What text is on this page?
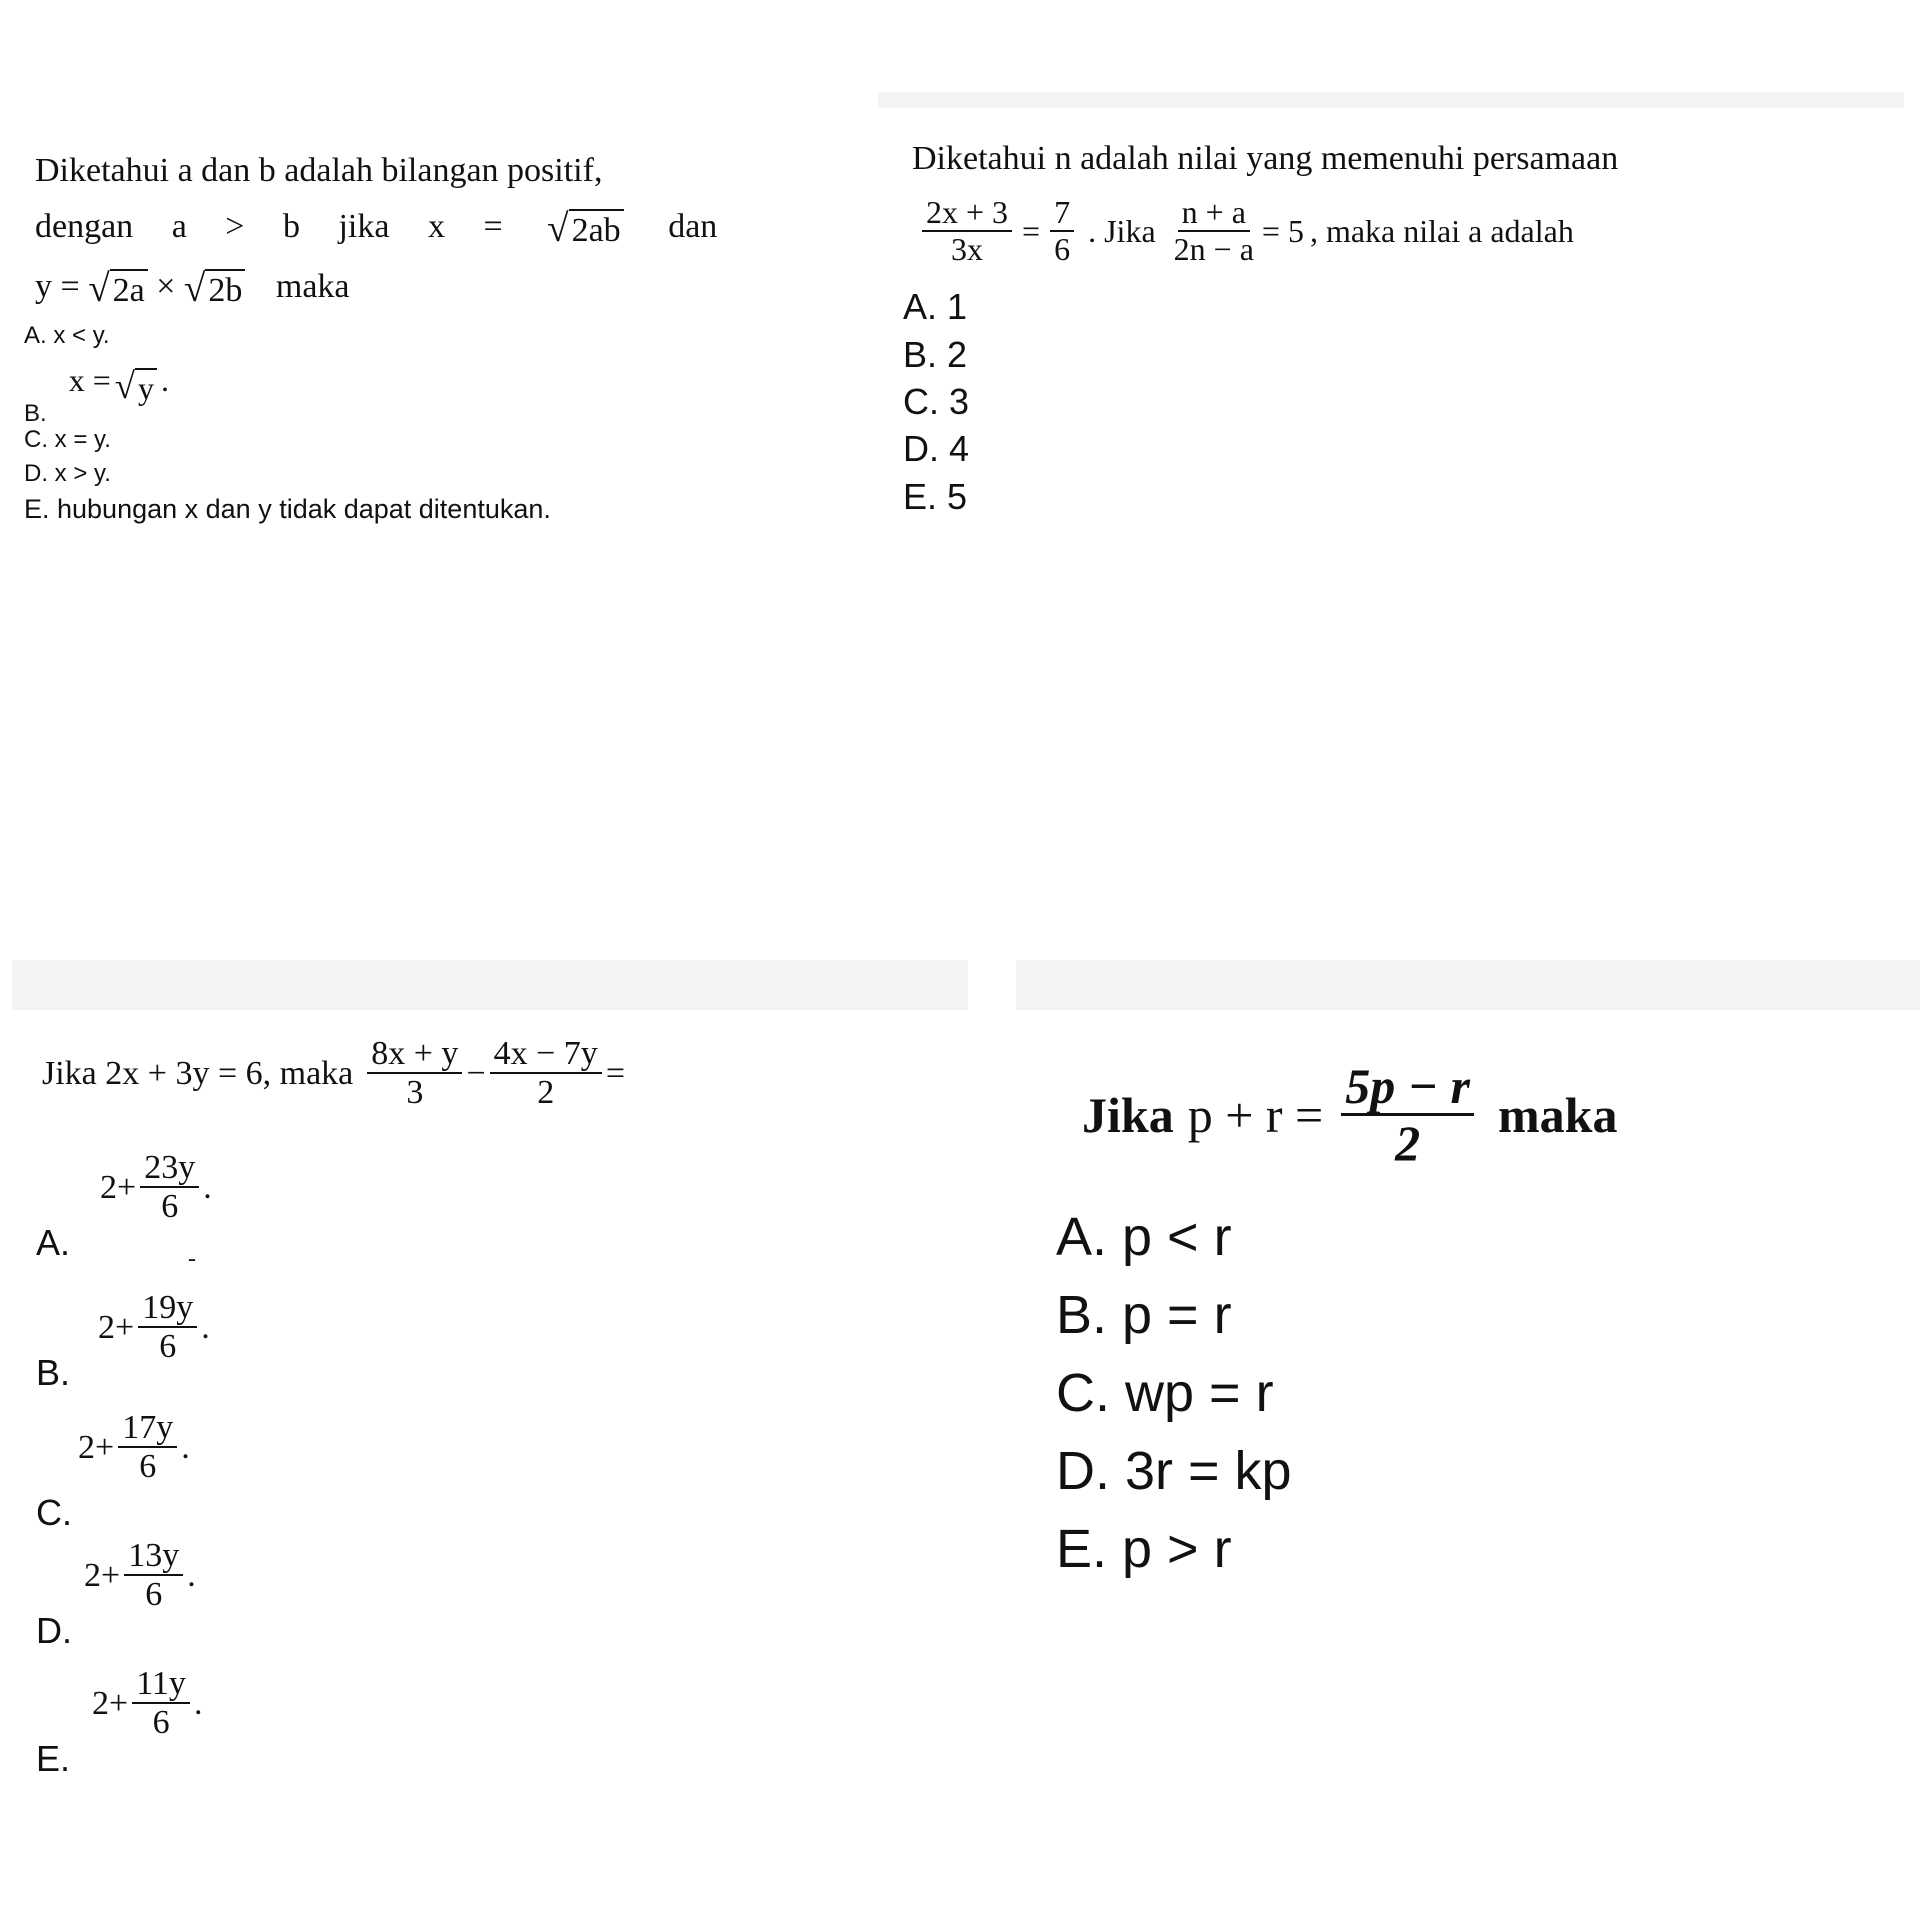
Diketahui a dan b adalah bilangan positif,
dengan a > b jika x = √ 2ab dan
y = √ 2a × √ 2b maka
A. x < y.
B. x = √ y .
C. x = y.
D. x > y.
E. hubungan x dan y tidak dapat ditentukan.
Diketahui n adalah nilai yang memenuhi persamaan
$\frac{2x + 3}{3x} = \frac{7}{6}$ . Jika $\frac{n + a}{2n - a} = 5$ , maka nilai a adalah
A. 1
B. 2
C. 3
D. 4
E. 5
Jika 2x + 3y = 6, maka $\frac{8x + y}{3} - \frac{4x - 7y}{2}$ =
A.
$2+ \frac{23y}{6}$ .
-
B.
$2+ \frac{19y}{6}$ .
C.
$2+ \frac{17y}{6}$ .
D.
$2+ \frac{13y}{6}$ .
E.
$2+ \frac{11y}{6}$ .
Jika $p + r = \frac{5p - r}{2}$ maka
A. p < r
B. p = r
C. wp = r
D. 3r = kp
E. p > r
